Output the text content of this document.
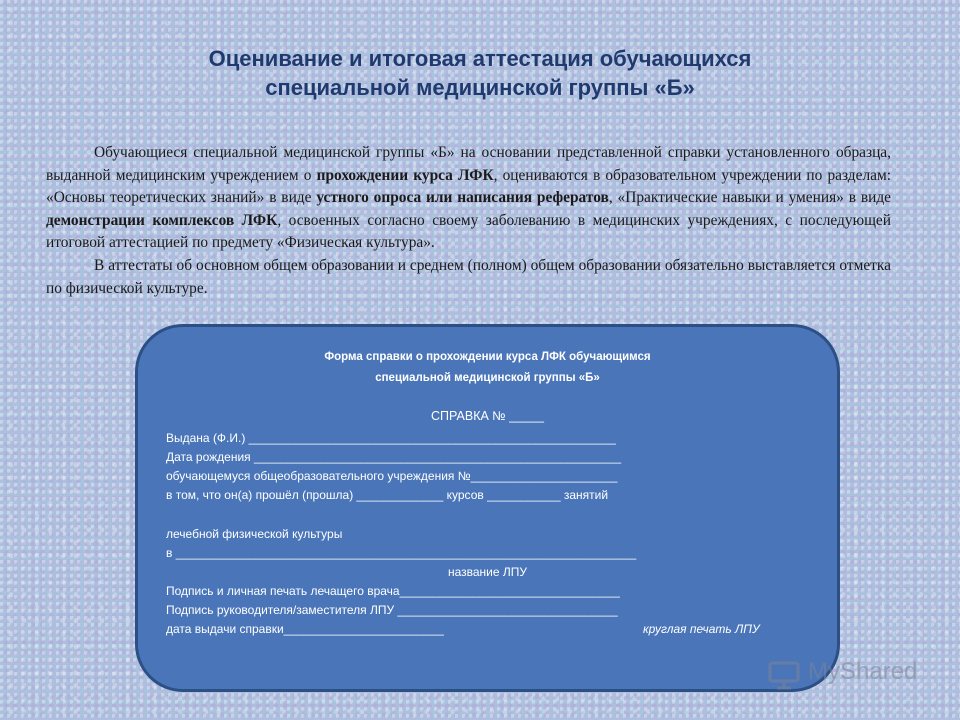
Оценивание и итоговая аттестация обучающихся
специальной медицинской группы «Б»

Обучающиеся специальной медицинской группы «Б» на основании представленной справки установленного образца, выданной медицинским учреждением о прохождении курса ЛФК, оцениваются в образовательном учреждении по разделам: «Основы теоретических знаний» в виде устного опроса или написания рефератов, «Практические навыки и умения» в виде демонстрации комплексов ЛФК, освоенных согласно своему заболеванию в медицинских учреждениях, с последующей итоговой аттестацией по предмету «Физическая культура».

В аттестаты об основном общем образовании и среднем (полном) общем образовании обязательно выставляется отметка по физической культуре.

Форма справки о прохождении курса ЛФК обучающимся
специальной медицинской группы «Б»
СПРАВКА № _____
Выдана (Ф.И.) _______________________________________________________
Дата рождения _______________________________________________________
обучающемуся общеобразовательного учреждения №______________________
в том, что он(а) прошёл (прошла) _____________ курсов ___________ занятий
лечебной физической культуры
в _____________________________________________________________________
название ЛПУ
Подпись и личная печать лечащего врача_________________________________
Подпись руководителя/заместителя ЛПУ _________________________________
дата выдачи справки________________________	круглая печать ЛПУ
MyShared
